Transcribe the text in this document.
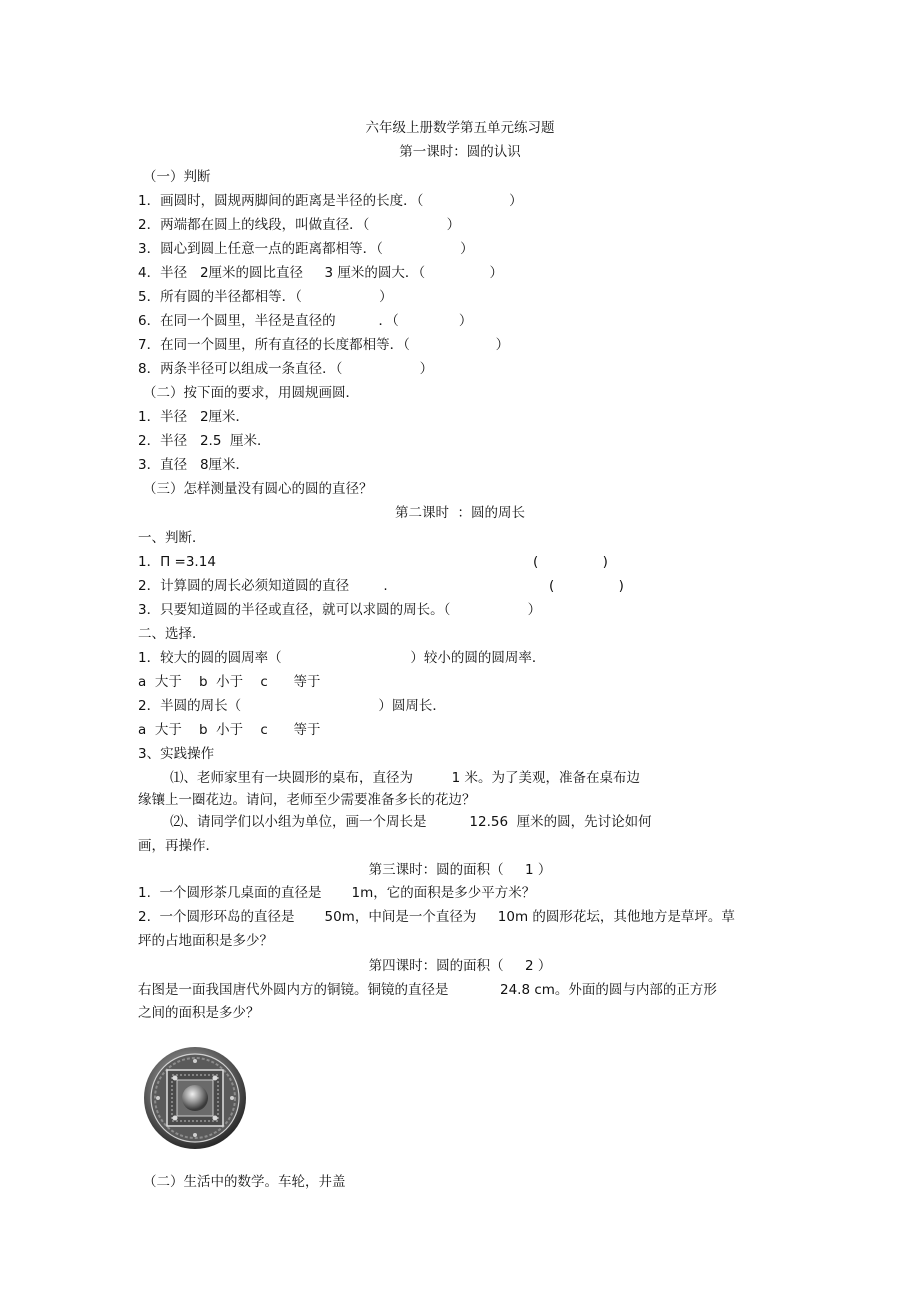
六年级上册数学第五单元练习题
第一课时：圆的认识
（一）判断
1．画圆时，圆规两脚间的距离是半径的长度．（                    ）
2．两端都在圆上的线段，叫做直径．（                  ）
3．圆心到圆上任意一点的距离都相等．（                  ）
4．半径   2厘米的圆比直径     3 厘米的圆大．（               ）
5．所有圆的半径都相等．（                  ）
6．在同一个圆里，半径是直径的          ．（              ）
7．在同一个圆里，所有直径的长度都相等．（                    ）
8．两条半径可以组成一条直径．（                  ）
（二）按下面的要求，用圆规画圆．
1．半径   2厘米．
2．半径   2.5  厘米．
3．直径   8厘米．
（三）怎样测量没有圆心的圆的直径？
第二课时  ：圆的周长
一、判断．
1．Π =3.14	(               )
2．计算圆的周长必须知道圆的直径        .	(               )
3．只要知道圆的半径或直径，就可以求圆的周长。（                  ）
二、选择．
1．较大的圆的圆周率（                              ）较小的圆的圆周率．
a  大于    b  小于    c      等于
2．半圆的周长（                                ）圆周长．
a  大于    b  小于    c      等于
3、实践操作
⑴、老师家里有一块圆形的桌布，直径为         1 米。为了美观，准备在桌布边
缘镶上一圈花边。请问，老师至少需要准备多长的花边？
⑵、请同学们以小组为单位，画一个周长是          12.56  厘米的圆，先讨论如何
画，再操作．
第三课时：圆的面积（     1 ）
1.  一个圆形茶几桌面的直径是       1m，它的面积是多少平方米？
2.  一个圆形环岛的直径是       50m，中间是一个直径为     10m 的圆形花坛，其他地方是草坪。草
坪的占地面积是多少？
第四课时：圆的面积（     2 ）
右图是一面我国唐代外圆内方的铜镜。铜镜的直径是            24.8 cm。外面的圆与内部的正方形
之间的面积是多少？
（二）生活中的数学。车轮，井盖
